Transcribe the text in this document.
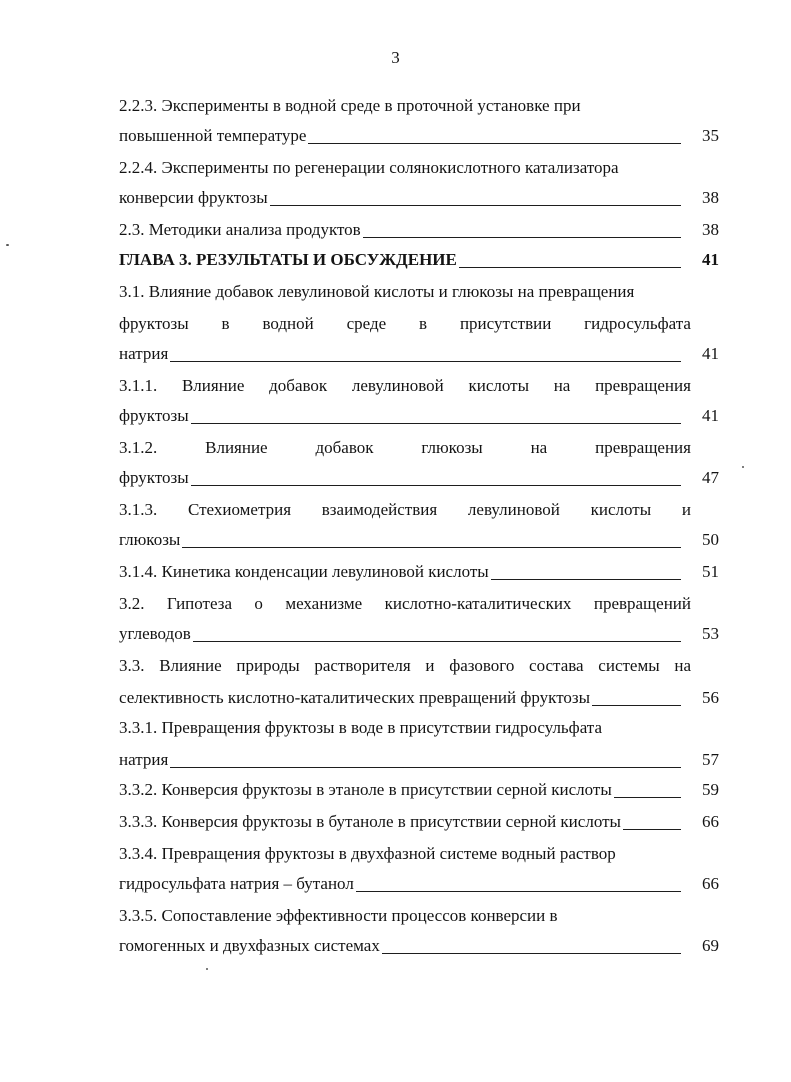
3
2.2.3. Эксперименты в водной среде в проточной установке при
повышенной температуре	35
2.2.4. Эксперименты по регенерации солянокислотного катализатора
конверсии фруктозы	38
2.3. Методики анализа продуктов	38
ГЛАВА 3. РЕЗУЛЬТАТЫ И ОБСУЖДЕНИЕ	41
3.1. Влияние добавок левулиновой кислоты и глюкозы на превращения
фруктозы в водной среде в присутствии гидросульфата
натрия	41
3.1.1. Влияние добавок левулиновой кислоты на превращения
фруктозы	41
3.1.2.	Влияние	добавок	глюкозы	на	превращения
фруктозы	47
3.1.3. Стехиометрия взаимодействия левулиновой кислоты и
глюкозы	50
3.1.4. Кинетика конденсации левулиновой кислоты	51
3.2. Гипотеза о механизме кислотно-каталитических превращений
углеводов	53
3.3. Влияние природы растворителя и фазового состава системы на
селективность кислотно-каталитических превращений фруктозы	56
3.3.1. Превращения фруктозы в воде в присутствии гидросульфата
натрия	57
3.3.2. Конверсия фруктозы в этаноле в присутствии серной кислоты	59
3.3.3. Конверсия фруктозы в бутаноле в присутствии серной кислоты	66
3.3.4. Превращения фруктозы в двухфазной системе водный раствор
гидросульфата натрия – бутанол	66
3.3.5. Сопоставление эффективности процессов конверсии в
гомогенных и двухфазных системах	69
